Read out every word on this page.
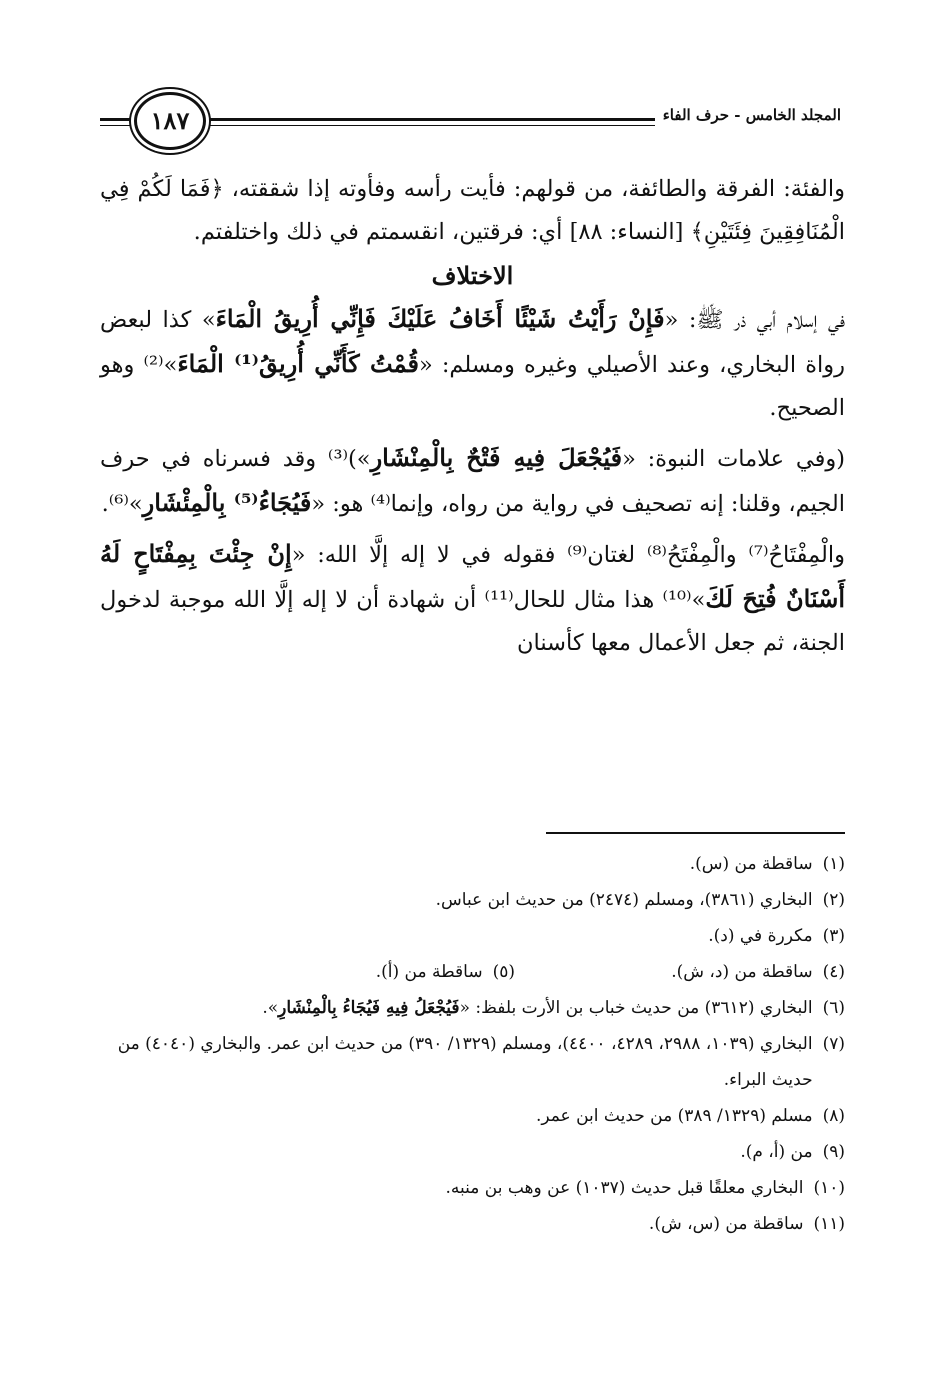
المجلد الخامس - حرف الفاء
١٨٧

والفئة: الفرقة والطائفة، من قولهم: فأيت رأسه وفأوته إذا شققته، ﴿فَمَا لَكُمْ فِي الْمُنَافِقِينَ فِئَتَيْنِ﴾ [النساء: ٨٨] أي: فرقتين، انقسمتم في ذلك واختلفتم.

الاختلاف

في إسلام أبي ذر ﷺ: «فَإِنْ رَأَيْتُ شَيْئًا أَخَافُ عَلَيْكَ فَإِنِّي أُرِيقُ الْمَاءَ» كذا لبعض رواة البخاري، وعند الأصيلي وغيره ومسلم: «قُمْتُ كَأَنِّي أُرِيقُ⁽¹⁾ الْمَاءَ»⁽²⁾ وهو الصحيح.

(وفي علامات النبوة: «فَيُجْعَلَ فِيهِ فَتْحٌ بِالْمِنْشَارِ»)⁽³⁾ وقد فسرناه في حرف الجيم، وقلنا: إنه تصحيف في رواية من رواه، وإنما⁽⁴⁾ هو: «فَيُجَاءُ⁽⁵⁾ بِالْمِئْشَارِ»⁽⁶⁾.

والْمِفْتَاحُ⁽⁷⁾ والْمِفْتَحُ⁽⁸⁾ لغتان⁽⁹⁾ فقوله في لا إله إلَّا الله: «إِنْ جِئْتَ بِمِفْتَاحٍ لَهُ أَسْنَانٌ فُتِحَ لَكَ»⁽¹⁰⁾ هذا مثال للحال⁽¹¹⁾ أن شهادة أن لا إله إلَّا الله موجبة لدخول الجنة، ثم جعل الأعمال معها كأسنان

(١)
ساقطة من (س).
(٢)
البخاري (٣٨٦١)، ومسلم (٢٤٧٤) من حديث ابن عباس.
(٣)
مكررة في (د).
(٤)
ساقطة من (د، ش).
(٥)
ساقطة من (أ).
(٦)
البخاري (٣٦١٢) من حديث خباب بن الأرت بلفظ: «فَيُجْعَلُ فِيهِ فَيُجَاءُ بِالْمِنْشَارِ».
(٧)
البخاري (١٠٣٩، ٢٩٨٨، ٤٢٨٩، ٤٤٠٠)، ومسلم (١٣٢٩/ ٣٩٠) من حديث ابن عمر. والبخاري (٤٠٤٠) من حديث البراء.
(٨)
مسلم (١٣٢٩/ ٣٨٩) من حديث ابن عمر.
(٩)
من (أ، م).
(١٠)
البخاري معلقًا قبل حديث (١٠٣٧) عن وهب بن منبه.
(١١)
ساقطة من (س، ش).
